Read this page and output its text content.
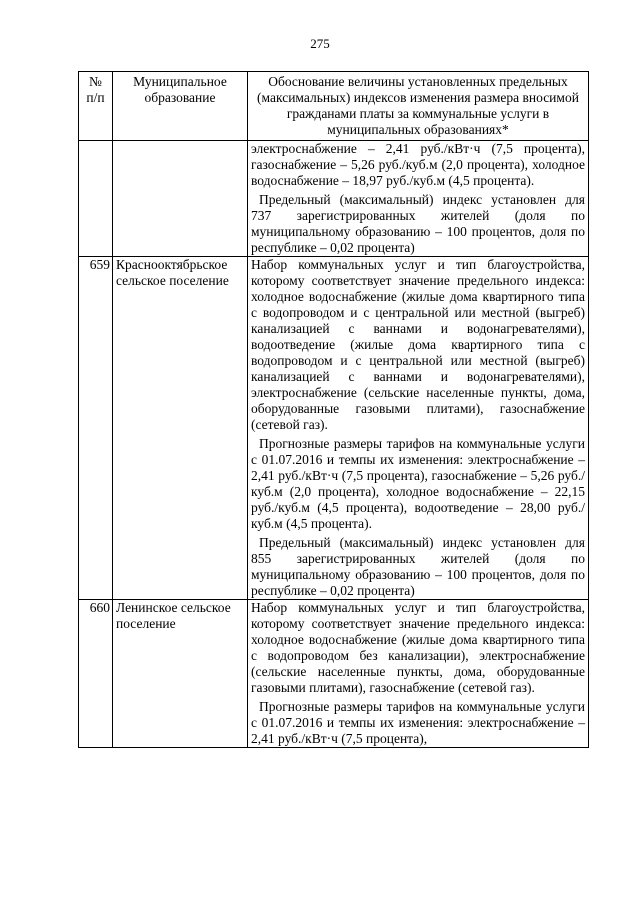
275
№ п/п	Муниципальное образование	Обоснование величины установленных предельных (максимальных) индексов изменения размера вносимой гражданами платы за коммунальные услуги в муниципальных образованиях*

		электроснабжение – 2,41 руб./кВт·ч (7,5 процента), газоснабжение – 5,26 руб./куб.м (2,0 процента), холодное водоснабжение – 18,97 руб./куб.м (4,5 процента).
Предельный (максимальный) индекс установлен для 737 зарегистрированных жителей (доля по муниципальному образованию – 100 процентов, доля по республике – 0,02 процента)

659	Краснооктябрьское сельское поселение	Набор коммунальных услуг и тип благоустройства, которому соответствует значение предельного индекса: холодное водоснабжение (жилые дома квартирного типа с водопроводом и с центральной или местной (выгреб) канализацией с ваннами и водонагревателями), водоотведение (жилые дома квартирного типа с водопроводом и с центральной или местной (выгреб) канализацией с ваннами и водонагревателями), электроснабжение (сельские населенные пункты, дома, оборудованные газовыми плитами), газоснабжение (сетевой газ).
Прогнозные размеры тарифов на коммунальные услуги с 01.07.2016 и темпы их изменения: электроснабжение – 2,41 руб./кВт·ч (7,5 процента), газоснабжение – 5,26 руб./куб.м (2,0 процента), холодное водоснабжение – 22,15 руб./куб.м (4,5 процента), водоотведение – 28,00 руб./куб.м (4,5 процента).
Предельный (максимальный) индекс установлен для 855 зарегистрированных жителей (доля по муниципальному образованию – 100 процентов, доля по республике – 0,02 процента)

660	Ленинское сельское поселение	Набор коммунальных услуг и тип благоустройства, которому соответствует значение предельного индекса: холодное водоснабжение (жилые дома квартирного типа с водопроводом без канализации), электроснабжение (сельские населенные пункты, дома, оборудованные газовыми плитами), газоснабжение (сетевой газ).
Прогнозные размеры тарифов на коммунальные услуги с 01.07.2016 и темпы их изменения: электроснабжение – 2,41 руб./кВт·ч (7,5 процента),
